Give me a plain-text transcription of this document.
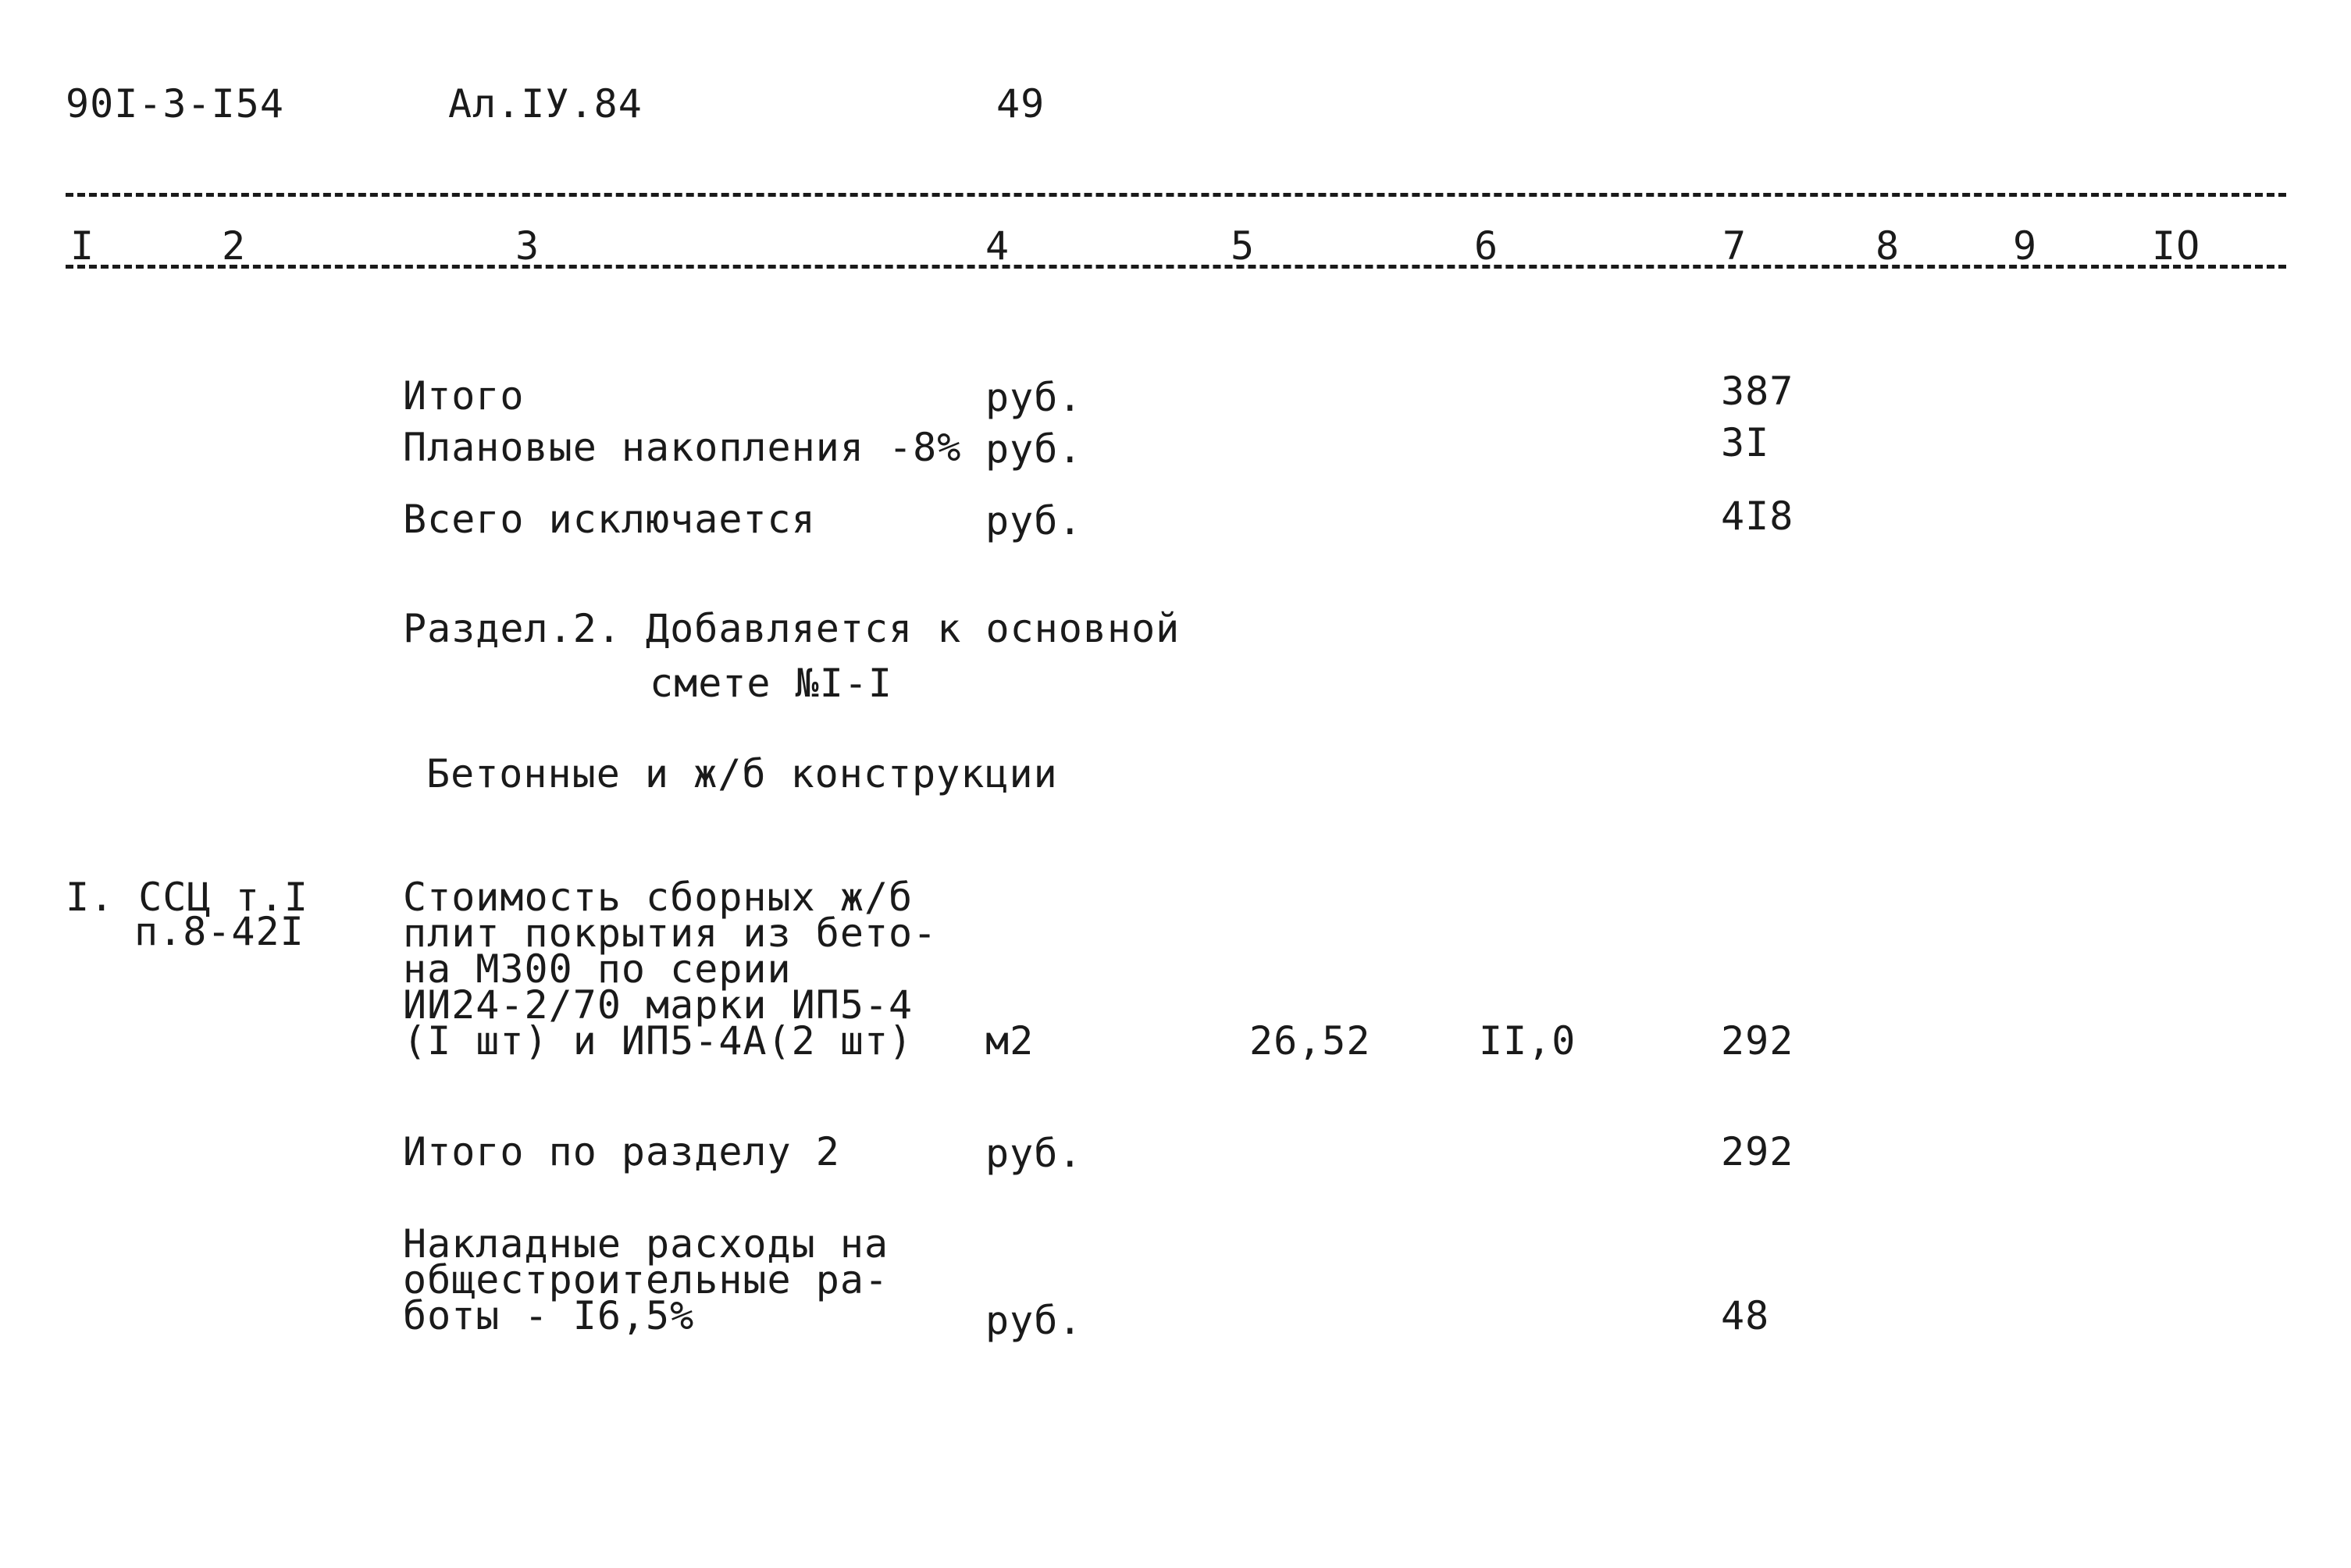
90I-3-I54	Ал.IУ.84	49
I	2	3	4	5	6	7	8	9	IO
Итого	руб.	387
Плановые накопления -8% руб.	3I
Всего исключается	руб.	4I8
Раздел.2. Добавляется к основной
смете №I-I
Бетонные и ж/б конструкции
I. ССЦ т.I
п.8-42I
Стоимость сборных ж/б
плит покрытия из бето-
на М300 по серии
ИИ24-2/70 марки ИП5-4
(I шт) и ИП5-4А(2 шт) м2	26,52	II,0	292
Итого по разделу 2	руб.	292
Накладные расходы на
общестроительные ра-
боты - I6,5%	руб.	48
